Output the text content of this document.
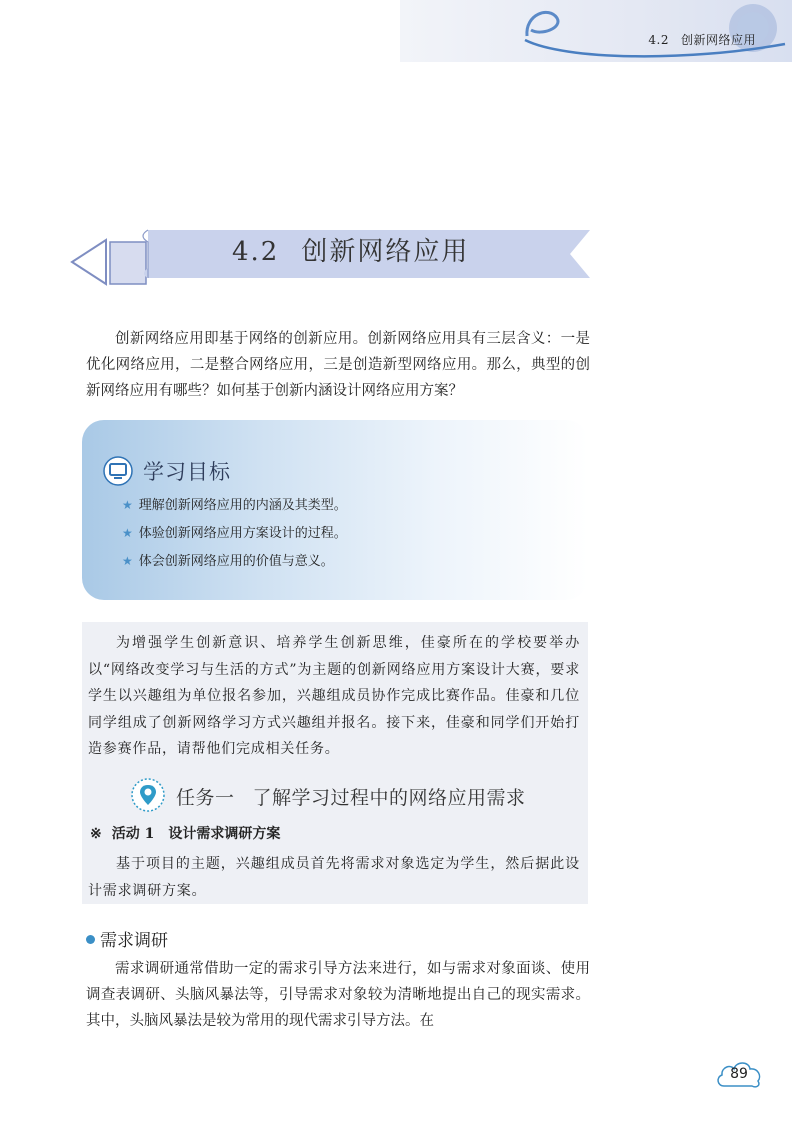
4.2 创新网络应用
4.2 创新网络应用
创新网络应用即基于网络的创新应用。创新网络应用具有三层含义：一是优化网络应用，二是整合网络应用，三是创造新型网络应用。那么，典型的创新网络应用有哪些？如何基于创新内涵设计网络应用方案？
学习目标
★ 理解创新网络应用的内涵及其类型。
★ 体验创新网络应用方案设计的过程。
★ 体会创新网络应用的价值与意义。
为增强学生创新意识、培养学生创新思维，佳豪所在的学校要举办以“网络改变学习与生活的方式”为主题的创新网络应用方案设计大赛，要求学生以兴趣组为单位报名参加，兴趣组成员协作完成比赛作品。佳豪和几位同学组成了创新网络学习方式兴趣组并报名。接下来，佳豪和同学们开始打造参赛作品，请帮他们完成相关任务。
任务一 了解学习过程中的网络应用需求
※ 活动 1 设计需求调研方案
基于项目的主题，兴趣组成员首先将需求对象选定为学生，然后据此设计需求调研方案。
需求调研
需求调研通常借助一定的需求引导方法来进行，如与需求对象面谈、使用调查表调研、头脑风暴法等，引导需求对象较为清晰地提出自己的现实需求。其中，头脑风暴法是较为常用的现代需求引导方法。在
89
